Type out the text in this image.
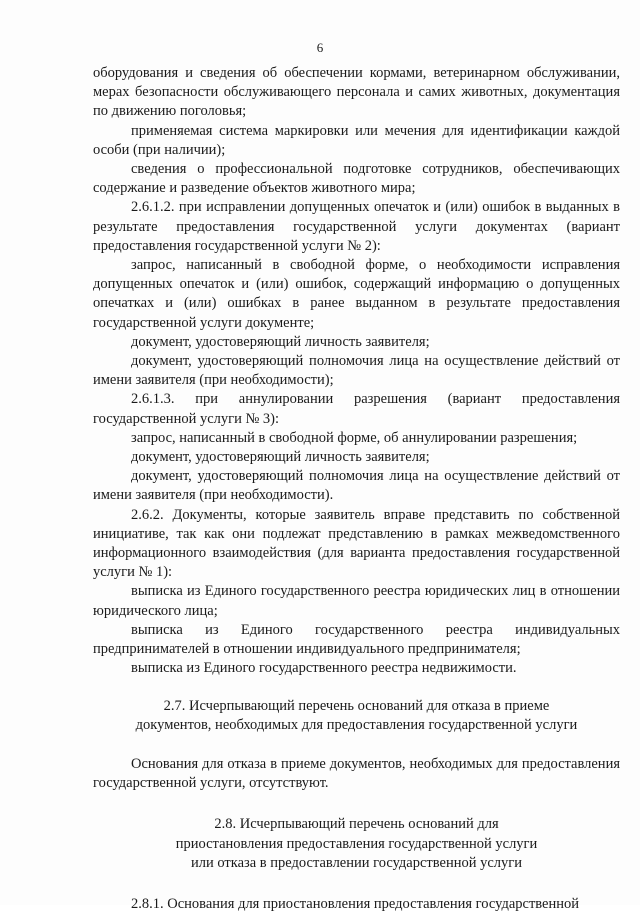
6

оборудования и сведения об обеспечении кормами, ветеринарном обслуживании, мерах безопасности обслуживающего персонала и самих животных, документация по движению поголовья;

применяемая система маркировки или мечения для идентификации каждой особи (при наличии);

сведения о профессиональной подготовке сотрудников, обеспечивающих содержание и разведение объектов животного мира;

2.6.1.2. при исправлении допущенных опечаток и (или) ошибок в выданных в результате предоставления государственной услуги документах (вариант предоставления государственной услуги № 2):

запрос, написанный в свободной форме, о необходимости исправления допущенных опечаток и (или) ошибок, содержащий информацию о допущенных опечатках и (или) ошибках в ранее выданном в результате предоставления государственной услуги документе;

документ, удостоверяющий личность заявителя;

документ, удостоверяющий полномочия лица на осуществление действий от имени заявителя (при необходимости);

2.6.1.3. при аннулировании разрешения (вариант предоставления государственной услуги № 3):

запрос, написанный в свободной форме, об аннулировании разрешения;

документ, удостоверяющий личность заявителя;

документ, удостоверяющий полномочия лица на осуществление действий от имени заявителя (при необходимости).

2.6.2. Документы, которые заявитель вправе представить по собственной инициативе, так как они подлежат представлению в рамках межведомственного информационного взаимодействия (для варианта предоставления государственной услуги № 1):

выписка из Единого государственного реестра юридических лиц в отношении юридического лица;

выписка из Единого государственного реестра индивидуальных предпринимателей в отношении индивидуального предпринимателя;

выписка из Единого государственного реестра недвижимости.

2.7. Исчерпывающий перечень оснований для отказа в приеме

документов, необходимых для предоставления государственной услуги

Основания для отказа в приеме документов, необходимых для предоставления государственной услуги, отсутствуют.

2.8. Исчерпывающий перечень оснований для

приостановления предоставления государственной услуги

или отказа в предоставлении государственной услуги

2.8.1. Основания для приостановления предоставления государственной
